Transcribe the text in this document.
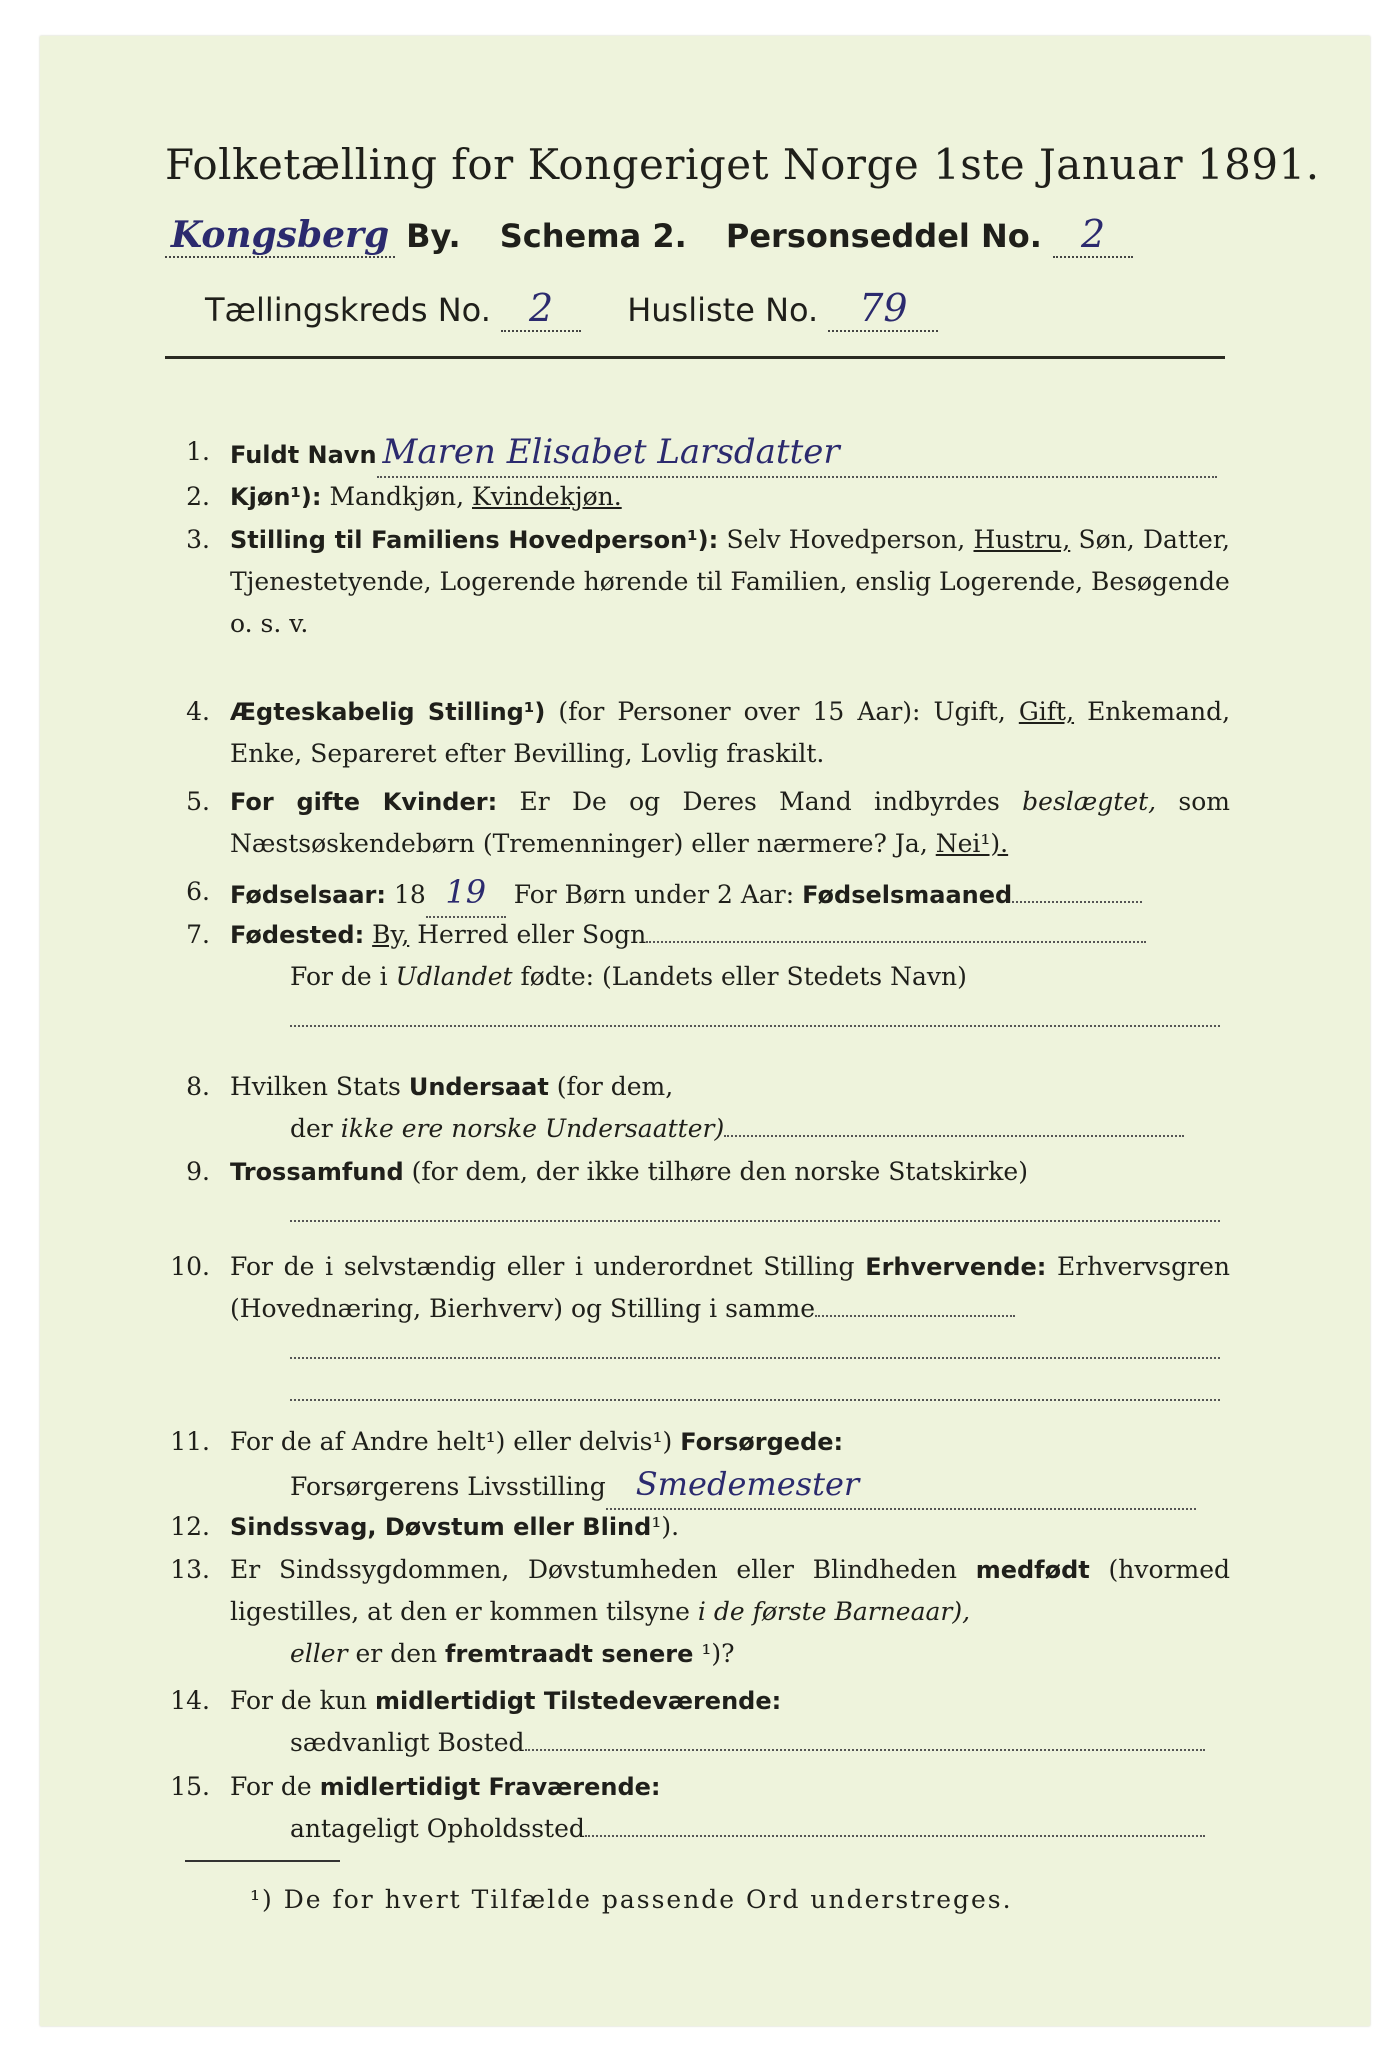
Folketælling for Kongeriget Norge 1ste Januar 1891.
Kongsberg By. Schema 2. Personseddel No. 2
Tællingskreds No. 2 Husliste No. 79
1. Fuldt Navn Maren Elisabet Larsdatter
2. Kjøn¹): Mandkjøn, Kvindekjøn.
3. Stilling til Familiens Hovedperson¹): Selv Hovedperson, Hustru, Søn, Datter, Tjenestetyende, Logerende hørende til Familien, enslig Logerende, Besøgende
o. s. v.
4. Ægteskabelig Stilling¹) (for Personer over 15 Aar): Ugift, Gift, Enkemand, Enke, Separeret efter Bevilling, Lovlig fraskilt.
5. For gifte Kvinder: Er De og Deres Mand indbyrdes beslægtet, som Næstsøskendebørn (Tremenninger) eller nærmere? Ja, Nei¹).
6. Fødselsaar: 18 19 For Børn under 2 Aar: Fødselsmaaned
7. Fødested: By, Herred eller Sogn
For de i Udlandet fødte: (Landets eller Stedets Navn)
8. Hvilken Stats Undersaat (for dem,
der ikke ere norske Undersaatter)
9. Trossamfund (for dem, der ikke tilhøre den norske Statskirke)
10. For de i selvstændig eller i underordnet Stilling Erhvervende: Erhvervsgren (Hovednæring, Bierhverv) og Stilling i samme
11. For de af Andre helt¹) eller delvis¹) Forsørgede:
Forsørgerens Livsstilling Smedemester
12. Sindssvag, Døvstum eller Blind¹).
13. Er Sindssygdommen, Døvstumheden eller Blindheden medfødt (hvormed ligestilles, at den er kommen tilsyne i de første Barneaar),
eller er den fremtraadt senere ¹)?
14. For de kun midlertidigt Tilstedeværende:
sædvanligt Bosted
15. For de midlertidigt Fraværende:
antageligt Opholdssted
¹) De for hvert Tilfælde passende Ord understreges.
